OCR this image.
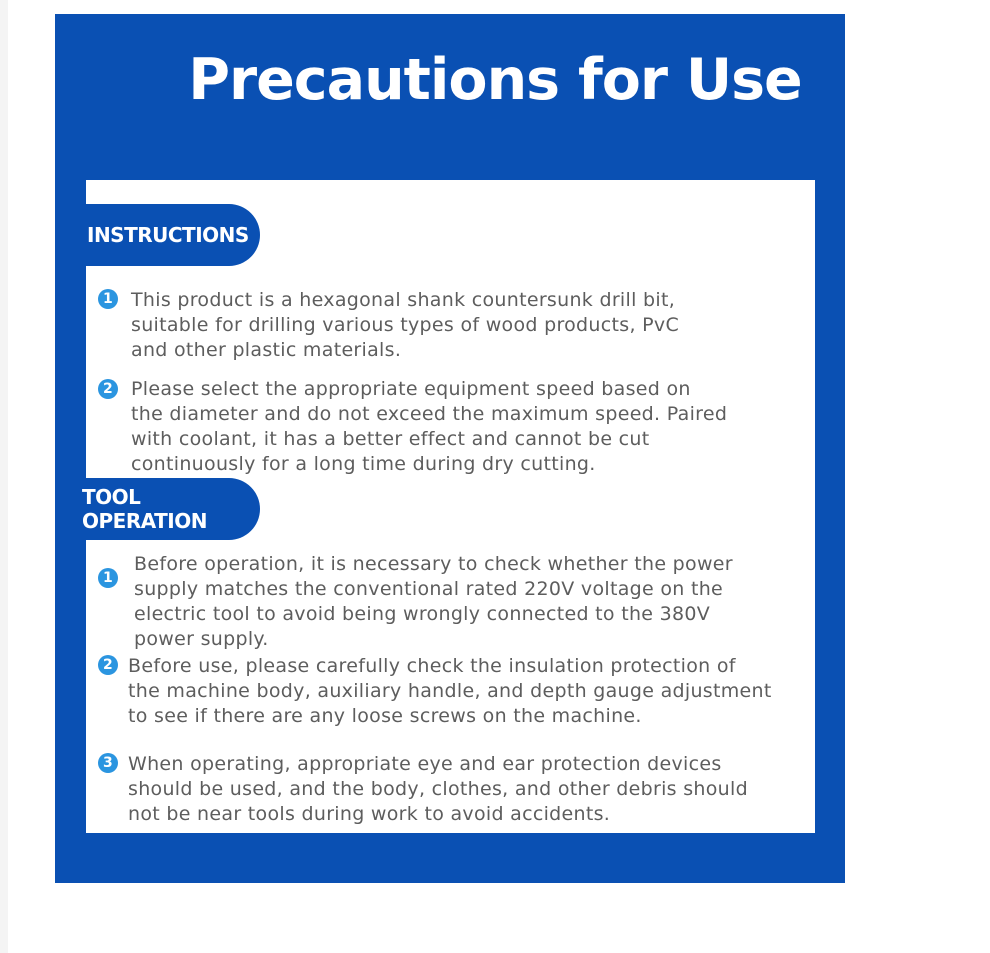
Precautions for Use
INSTRUCTIONS
1 This product is a hexagonal shank countersunk drill bit,
suitable for drilling various types of wood products, PvC
and other plastic materials.
2 Please select the appropriate equipment speed based on
the diameter and do not exceed the maximum speed. Paired
with coolant, it has a better effect and cannot be cut
continuously for a long time during dry cutting.
TOOL OPERATION
1
Before operation, it is necessary to check whether the power
supply matches the conventional rated 220V voltage on the
electric tool to avoid being wrongly connected to the 380V
power supply.
2 Before use, please carefully check the insulation protection of
the machine body, auxiliary handle, and depth gauge adjustment
to see if there are any loose screws on the machine.
3 When operating, appropriate eye and ear protection devices
should be used, and the body, clothes, and other debris should
not be near tools during work to avoid accidents.
